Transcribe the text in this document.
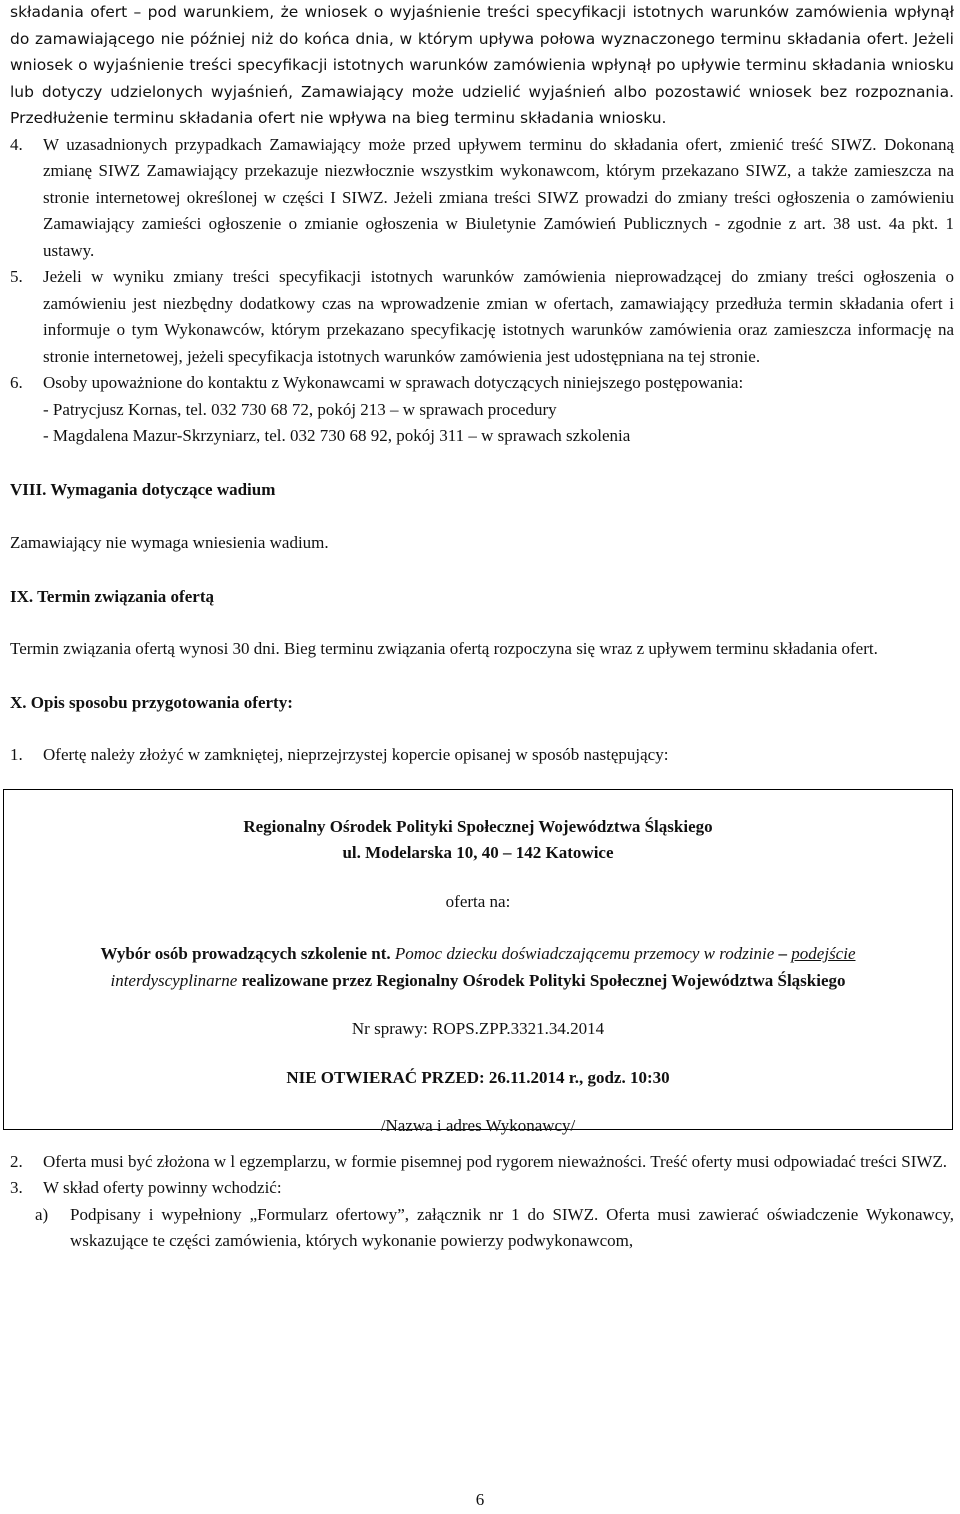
składania ofert – pod warunkiem, że wniosek o wyjaśnienie treści specyfikacji istotnych warunków zamówienia wpłynął do zamawiającego nie później niż do końca dnia, w którym upływa połowa wyznaczonego terminu składania ofert. Jeżeli wniosek o wyjaśnienie treści specyfikacji istotnych warunków zamówienia wpłynął po upływie terminu składania wniosku lub dotyczy udzielonych wyjaśnień, Zamawiający może udzielić wyjaśnień albo pozostawić wniosek bez rozpoznania. Przedłużenie terminu składania ofert nie wpływa na bieg terminu składania wniosku.

4. W uzasadnionych przypadkach Zamawiający może przed upływem terminu do składania ofert, zmienić treść SIWZ. Dokonaną zmianę SIWZ Zamawiający przekazuje niezwłocznie wszystkim wykonawcom, którym przekazano SIWZ, a także zamieszcza na stronie internetowej określonej w części I SIWZ. Jeżeli zmiana treści SIWZ prowadzi do zmiany treści ogłoszenia o zamówieniu Zamawiający zamieści ogłoszenie o zmianie ogłoszenia w Biuletynie Zamówień Publicznych - zgodnie z art. 38 ust. 4a pkt. 1 ustawy.
5. Jeżeli w wyniku zmiany treści specyfikacji istotnych warunków zamówienia nieprowadzącej do zmiany treści ogłoszenia o zamówieniu jest niezbędny dodatkowy czas na wprowadzenie zmian w ofertach, zamawiający przedłuża termin składania ofert i informuje o tym Wykonawców, którym przekazano specyfikację istotnych warunków zamówienia oraz zamieszcza informację na stronie internetowej, jeżeli specyfikacja istotnych warunków zamówienia jest udostępniana na tej stronie.
6. Osoby upoważnione do kontaktu z Wykonawcami w sprawach dotyczących niniejszego postępowania:
- Patrycjusz Kornas, tel. 032 730 68 72, pokój 213 – w sprawach procedury
- Magdalena Mazur-Skrzyniarz, tel. 032 730 68 92, pokój 311 – w sprawach szkolenia
VIII. Wymagania dotyczące wadium

Zamawiający nie wymaga wniesienia wadium.

IX. Termin związania ofertą

Termin związania ofertą wynosi 30 dni. Bieg terminu związania ofertą rozpoczyna się wraz z upływem terminu składania ofert.

X. Opis sposobu przygotowania oferty:
1. Ofertę należy złożyć w zamkniętej, nieprzejrzystej kopercie opisanej w sposób następujący:
Regionalny Ośrodek Polityki Społecznej Województwa Śląskiego
ul. Modelarska 10, 40 – 142 Katowice
oferta na:
Wybór osób prowadzących szkolenie nt. Pomoc dziecku doświadczającemu przemocy w rodzinie – podejście
interdyscyplinarne realizowane przez Regionalny Ośrodek Polityki Społecznej Województwa Śląskiego
Nr sprawy: ROPS.ZPP.3321.34.2014
NIE OTWIERAĆ PRZED: 26.11.2014 r., godz. 10:30
/Nazwa i adres Wykonawcy/
2. Oferta musi być złożona w l egzemplarzu, w formie pisemnej pod rygorem nieważności. Treść oferty musi odpowiadać treści SIWZ.
3. W skład oferty powinny wchodzić:
a) Podpisany i wypełniony „Formularz ofertowy”, załącznik nr 1 do SIWZ. Oferta musi zawierać oświadczenie Wykonawcy, wskazujące te części zamówienia, których wykonanie powierzy podwykonawcom,
6
